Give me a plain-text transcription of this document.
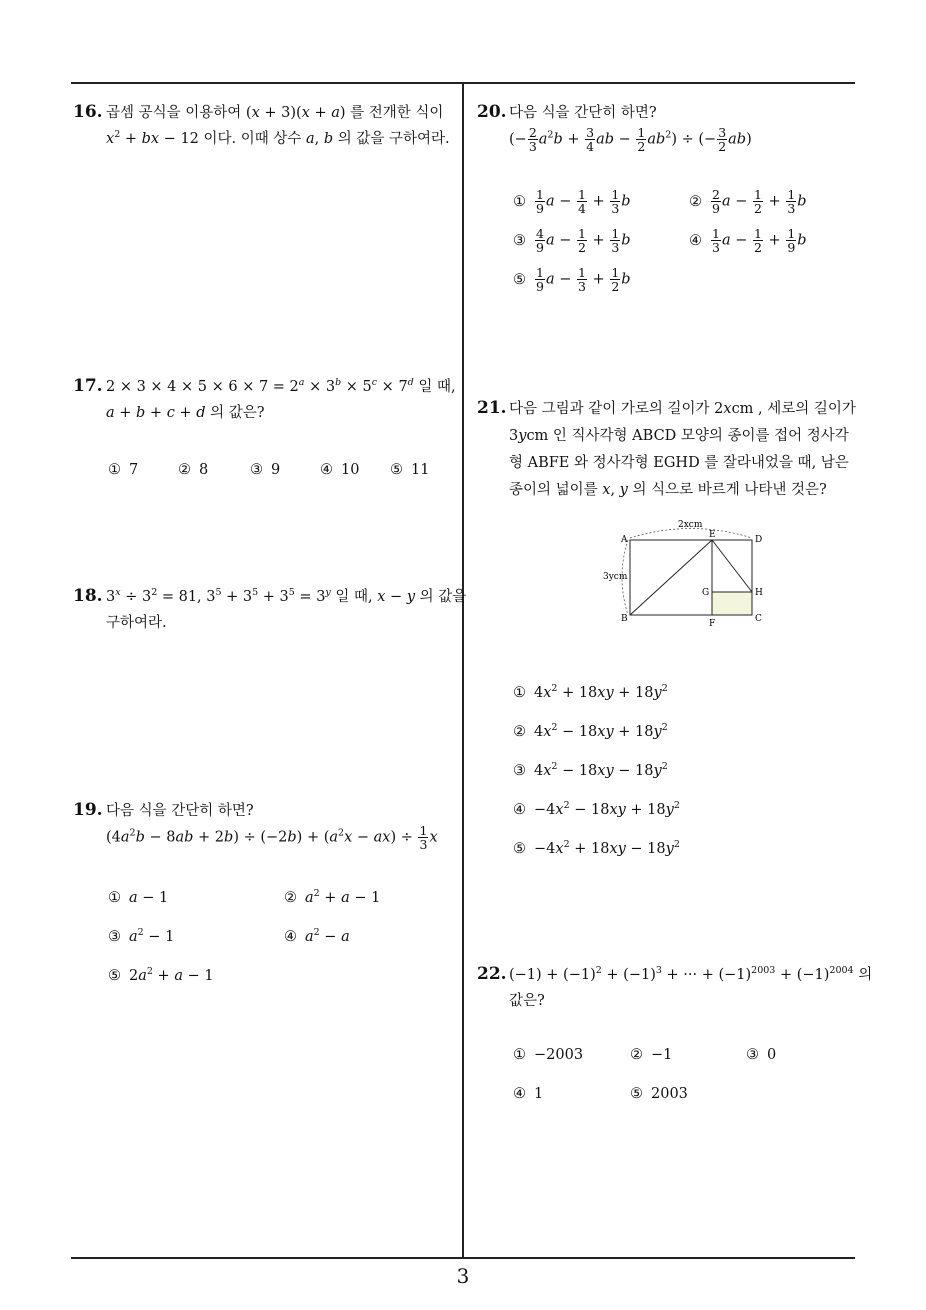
16. 곱셈 공식을 이용하여 (x + 3)(x + a) 를 전개한 식이
$x^2$ + bx − 12 이다. 이때 상수 a, b 의 값을 구하여라.
17. $2 \times 3 \times 4 \times 5 \times 6 \times 7 = 2^a \times 3^b \times 5^c \times 7^d$ 일 때,
a + b + c + d 의 값은?
① 7	② 8	③ 9	④ 10 ⑤ 11
18. $3^x \div 3^2 = 81$, $3^5 + 3^5 + 3^5 = 3^y$ 일 때, x − y 의 값을
구하여라.
19. 다음 식을 간단히 하면?
$(4a^2b - 8ab + 2b) \div (-2b) + (a^2x - ax) \div \frac{1}{3}$ x
① a − 1	② $a^2 + a - 1$
③ $a^2 - 1$	④ $a^2 - a$
⑤ $2a^2 + a - 1$
20. 다음 식을 간단히 하면?
(− $\frac{2}{3} a^2b + \frac{3}{4}$ ab − $\frac{1}{2} ab^2$) ÷ (− $\frac{3}{2} ab$)
① $\frac{1}{9}$ $a - \frac{1}{4} + \frac{1}{3}$ b	② $\frac{2}{9}$ $a - \frac{1}{2} + \frac{1}{3}$ b
③ $\frac{4}{9}$ $a - \frac{1}{2} + \frac{1}{3}$ b	④ $\frac{1}{3}$ $a - \frac{1}{2} + \frac{1}{9}$ b
⑤ $\frac{1}{9}$ $a - \frac{1}{3} + \frac{1}{2}$ b
21. 다음 그림과 같이 가로의 길이가 2xcm , 세로의 길이가
3ycm 인 직사각형 ABCD 모양의 종이를 접어 정사각
형 ABFE 와 정사각형 EGHD 를 잘라내었을 때, 남은
종이의 넓이를 x, y 의 식으로 바르게 나타낸 것은?
2xcm
3ycm
A
B	C
D
E
F
G	H
① $4x^2 + 18xy + 18y^2$
② $4x^2 - 18xy + 18y^2$
③ $4x^2 - 18xy - 18y^2$
④ $-4x^2 - 18xy + 18y^2$
⑤ $-4x^2 + 18xy - 18y^2$
22. $(-1) + (-1)^2 + (-1)^3$ + ··· + $(-1)^{2003} + (-1)^{2004}$ 의
값은?
① −2003	② −1	③ 0
④ 1	⑤ 2003
3
